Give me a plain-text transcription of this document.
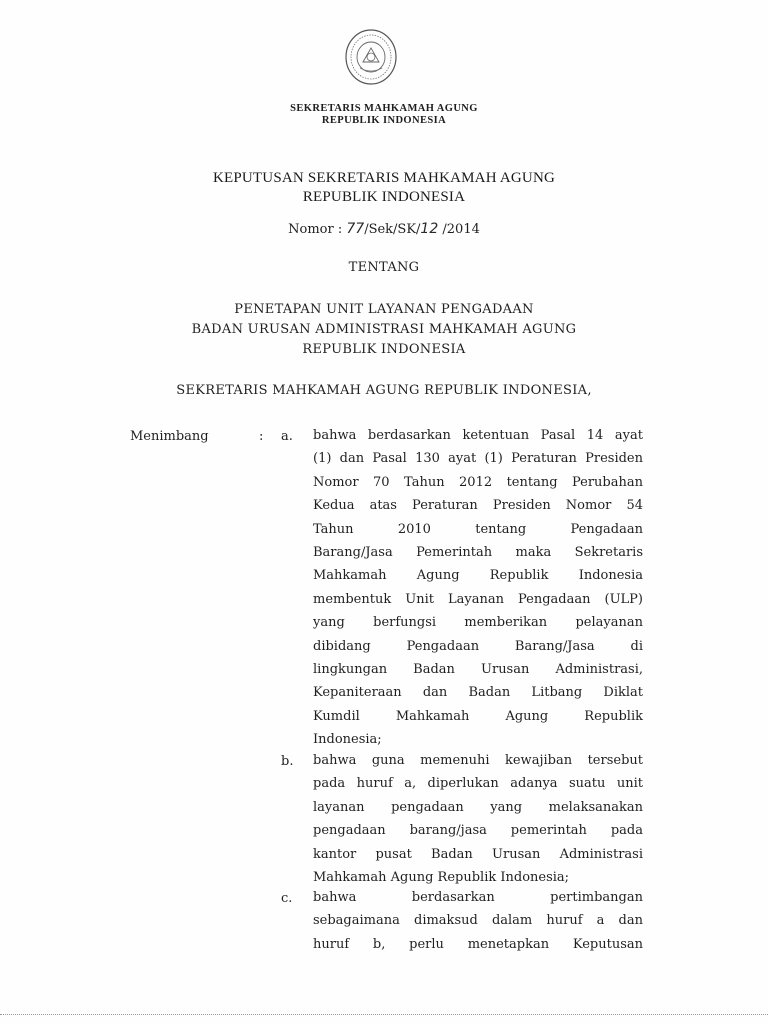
SEKRETARIS MAHKAMAH AGUNG
REPUBLIK INDONESIA
KEPUTUSAN SEKRETARIS MAHKAMAH AGUNG
REPUBLIK INDONESIA
Nomor : 77/Sek/SK/12 /2014
TENTANG
PENETAPAN UNIT LAYANAN PENGADAAN
BADAN URUSAN ADMINISTRASI MAHKAMAH AGUNG
REPUBLIK INDONESIA
SEKRETARIS MAHKAMAH AGUNG REPUBLIK INDONESIA,
Menimbang	: a. bahwa berdasarkan ketentuan Pasal 14 ayat
(1) dan Pasal 130 ayat (1) Peraturan Presiden
Nomor 70 Tahun 2012 tentang Perubahan
Kedua atas Peraturan Presiden Nomor 54
Tahun 2010 tentang Pengadaan
Barang/Jasa Pemerintah maka Sekretaris
Mahkamah Agung Republik Indonesia
membentuk Unit Layanan Pengadaan (ULP)
yang berfungsi memberikan pelayanan
dibidang Pengadaan Barang/Jasa di
lingkungan Badan Urusan Administrasi,
Kepaniteraan dan Badan Litbang Diklat
Kumdil Mahkamah Agung Republik
Indonesia;
b. bahwa guna memenuhi kewajiban tersebut
pada huruf a, diperlukan adanya suatu unit
layanan pengadaan yang melaksanakan
pengadaan barang/jasa pemerintah pada
kantor pusat Badan Urusan Administrasi
Mahkamah Agung Republik Indonesia;
c. bahwa berdasarkan pertimbangan
sebagaimana dimaksud dalam huruf a dan
huruf b, perlu menetapkan Keputusan
